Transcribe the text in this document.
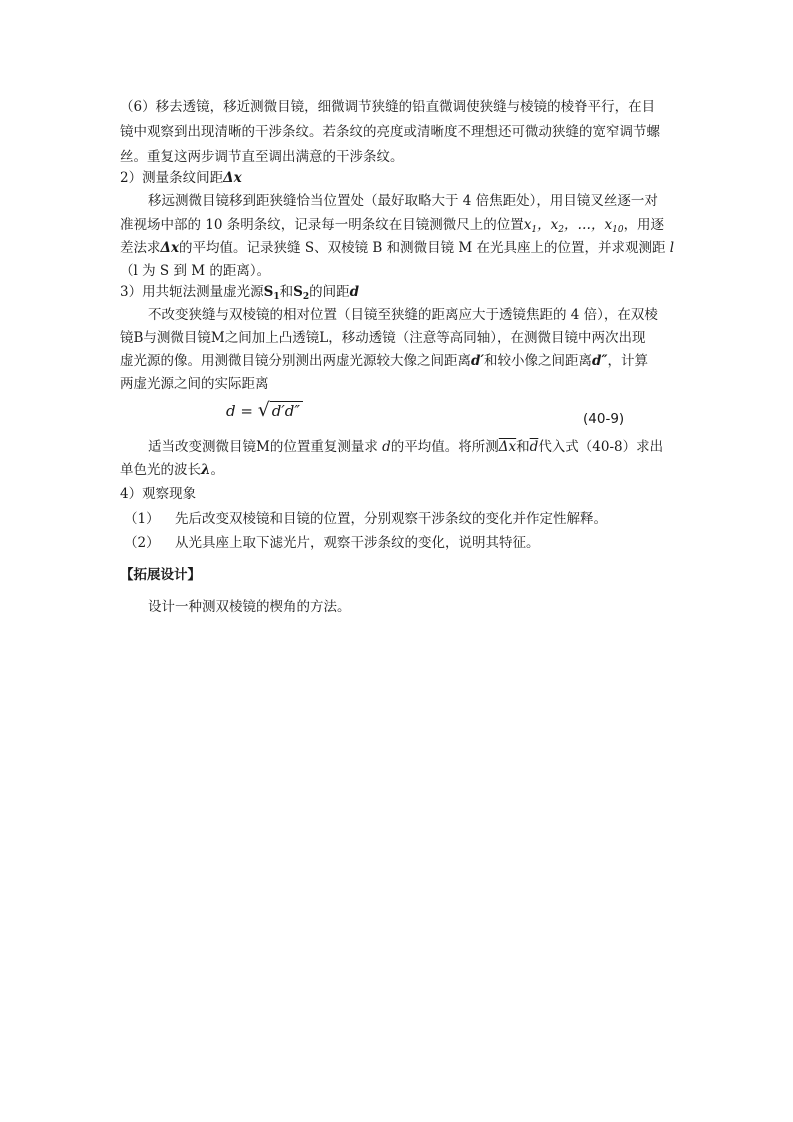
（6）移去透镜，移近测微目镜，细微调节狭缝的铅直微调使狭缝与棱镜的棱脊平行，在目
镜中观察到出现清晰的干涉条纹。若条纹的亮度或清晰度不理想还可微动狭缝的宽窄调节螺
丝。重复这两步调节直至调出满意的干涉条纹。
2）测量条纹间距Δx
移远测微目镜移到距狭缝恰当位置处（最好取略大于 4 倍焦距处），用目镜叉丝逐一对
准视场中部的 10 条明条纹，记录每一明条纹在目镜测微尺上的位置$x_1$，$x_2$，…，$x_{10}$，用逐
差法求Δx的平均值。记录狭缝 S、双棱镜 B 和测微目镜 M 在光具座上的位置，并求观测距 l
（l 为 S 到 M 的距离）。
3）用共轭法测量虚光源$S_1$和$S_2$的间距d
不改变狭缝与双棱镜的相对位置（目镜至狭缝的距离应大于透镜焦距的 4 倍），在双棱
镜B与测微目镜M之间加上凸透镜L，移动透镜（注意等高同轴），在测微目镜中两次出现
虚光源的像。用测微目镜分别测出两虚光源较大像之间距离d′和较小像之间距离d″，计算
两虚光源之间的实际距离
d = √ d′d″	(40-9)
适当改变测微目镜M的位置重复测量求 d的平均值。将所测$\overline{\Delta x}$和$\overline{d}$代入式（40-8）求出
单色光的波长λ。
4）观察现象
（1） 先后改变双棱镜和目镜的位置，分别观察干涉条纹的变化并作定性解释。
（2） 从光具座上取下滤光片，观察干涉条纹的变化，说明其特征。
【拓展设计】
设计一种测双棱镜的楔角的方法。
